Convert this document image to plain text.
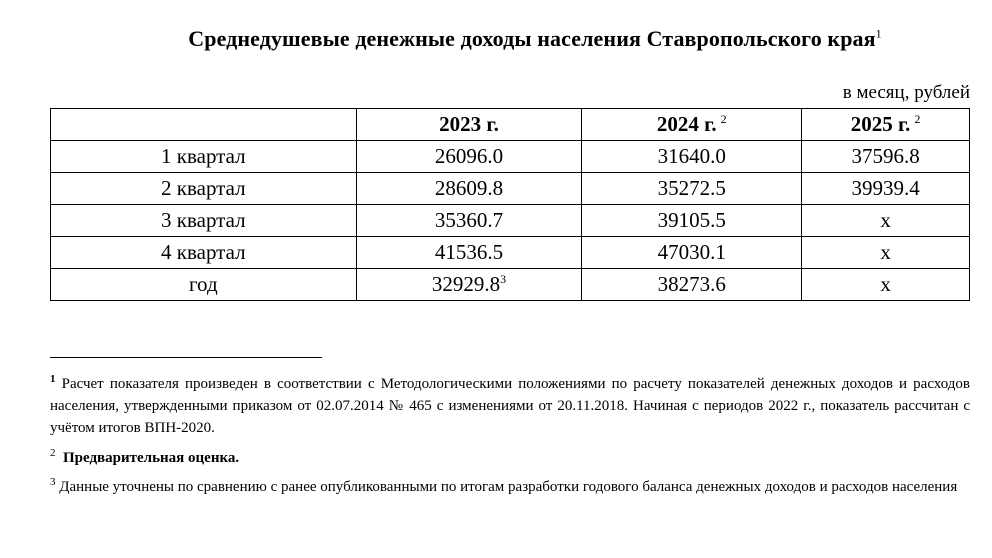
Среднедушевые денежные доходы населения Ставропольского края$^1$
в месяц, рублей
	2023 г.	2024 г. $^2$	2025 г. $^2$
1 квартал	26096.0	31640.0	37596.8
2 квартал	28609.8	35272.5	39939.4
3 квартал	35360.7	39105.5	x
4 квартал	41536.5	47030.1	x
год	32929.8$^3$	38273.6	x

$^1$ Расчет показателя произведен в соответствии с Методологическими положениями по расчету показателей денежных доходов и расходов населения, утвержденными приказом от 02.07.2014 № 465 с изменениями от 20.11.2018. Начиная с периодов 2022 г., показатель рассчитан с учётом итогов ВПН-2020.

$^2$ Предварительная оценка.

$^3$ Данные уточнены по сравнению с ранее опубликованными по итогам разработки годового баланса денежных доходов и расходов населения
